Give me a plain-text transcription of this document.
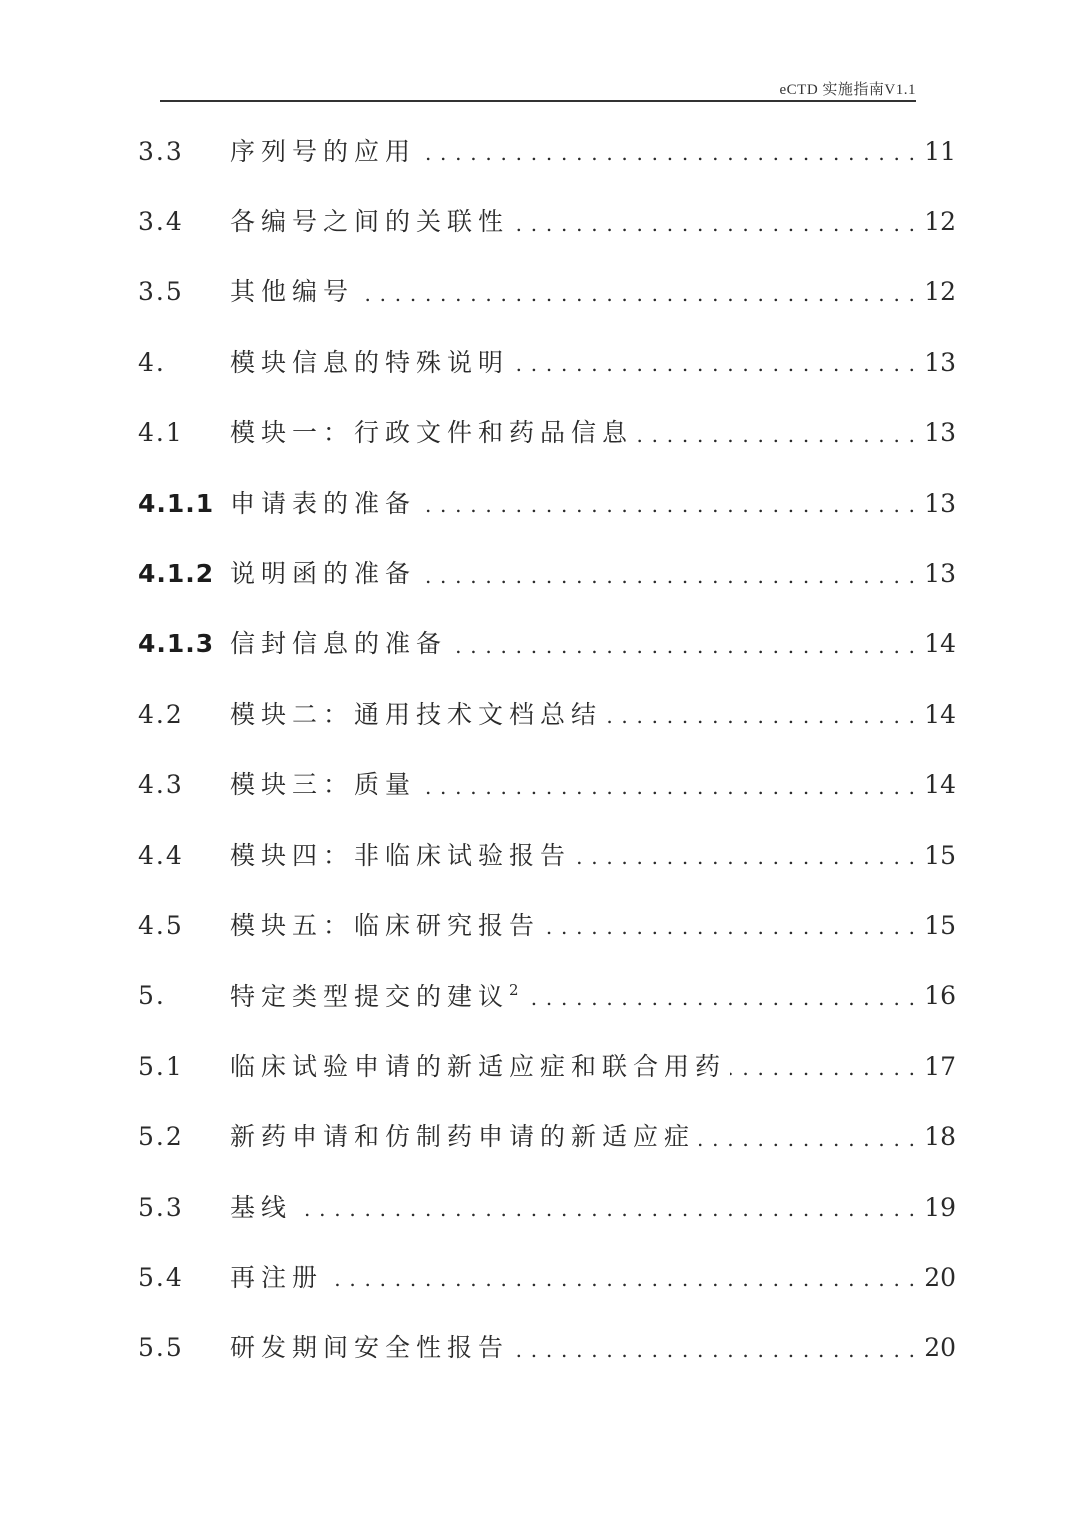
eCTD 实施指南V1.1
3.3	序列号的应用 . . .	11
3.4	各编号之间的关联性 . . .	12
3.5	其他编号 . . .	12
4.	模块信息的特殊说明 . . .	13
4.1	模块一：行政文件和药品信息 . . .	13
4.1.1 申请表的准备 . . .	13
4.1.2 说明函的准备 . . .	13
4.1.3 信封信息的准备 . . .	14
4.2	模块二：通用技术文档总结 . . .	14
4.3	模块三：质量 . . .	14
4.4	模块四：非临床试验报告 . . .	15
4.5	模块五：临床研究报告 . . .	15
5.	特定类型提交的建议$^2$ . . .	16
5.1	临床试验申请的新适应症和联合用药 . . .	17
5.2	新药申请和仿制药申请的新适应症 . . .	18
5.3	基线 . . .	19
5.4	再注册 . . .	20
5.5	研发期间安全性报告 . . .	20
